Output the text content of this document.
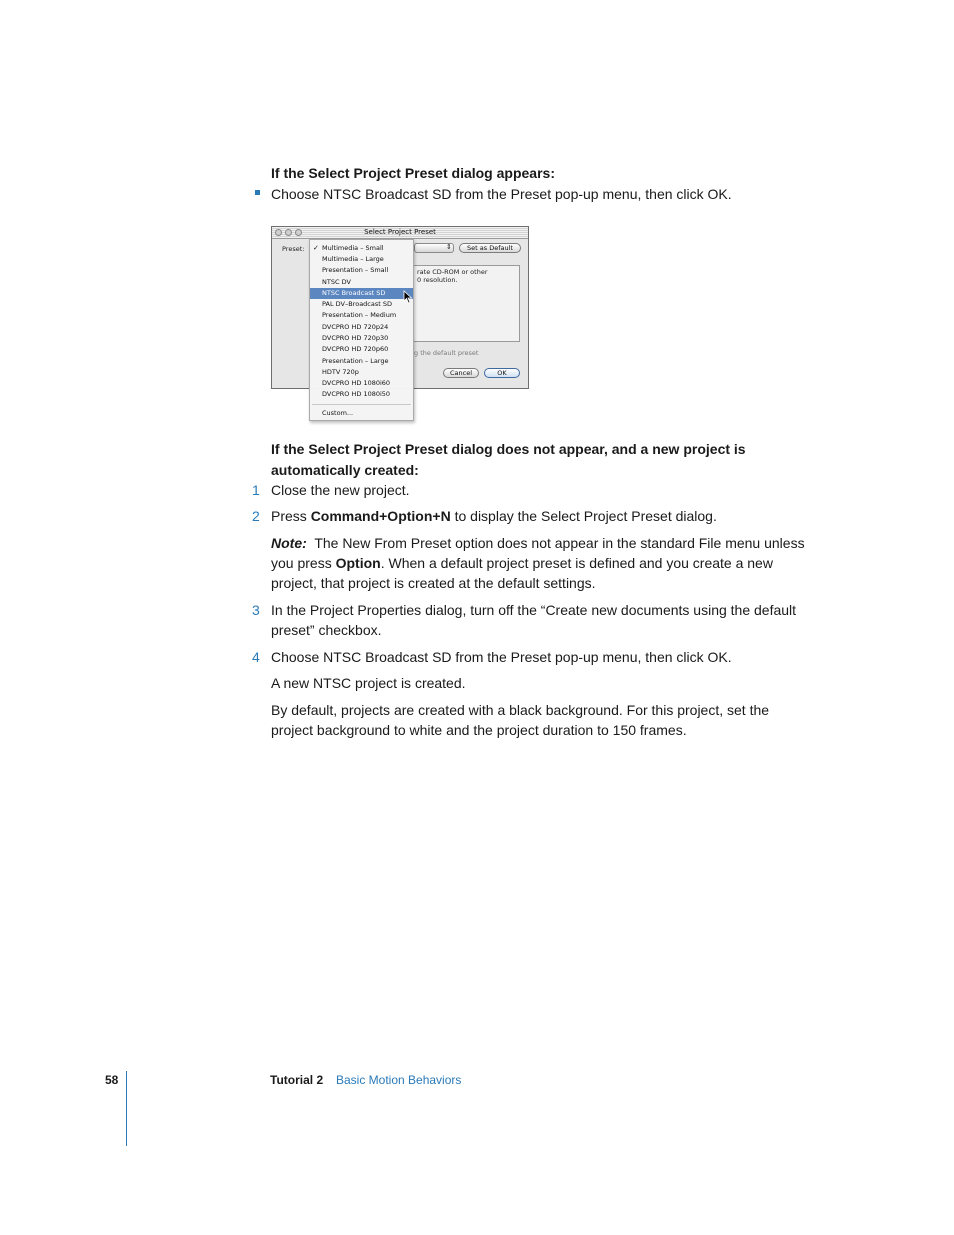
If the Select Project Preset dialog appears:
Choose NTSC Broadcast SD from the Preset pop-up menu, then click OK.
Select Project Preset
Preset:	⇕	Set as Default
rate CD-ROM or other
0 resolution.
g the default preset
Cancel	OK
✓ Multimedia – Small
Multimedia – Large
Presentation – Small
NTSC DV
NTSC Broadcast SD
PAL DV–Broadcast SD
Presentation – Medium
DVCPRO HD 720p24
DVCPRO HD 720p30
DVCPRO HD 720p60
Presentation – Large
HDTV 720p
DVCPRO HD 1080i60
DVCPRO HD 1080i50
Custom...
If the Select Project Preset dialog does not appear, and a new project is
automatically created:
1 Close the new project.
2 Press Command+Option+N to display the Select Project Preset dialog.
Note: The New From Preset option does not appear in the standard File menu unless
you press Option. When a default project preset is defined and you create a new
project, that project is created at the default settings.
3 In the Project Properties dialog, turn off the “Create new documents using the default
preset” checkbox.
4 Choose NTSC Broadcast SD from the Preset pop-up menu, then click OK.
A new NTSC project is created.
By default, projects are created with a black background. For this project, set the
project background to white and the project duration to 150 frames.
58	Tutorial 2 Basic Motion Behaviors
